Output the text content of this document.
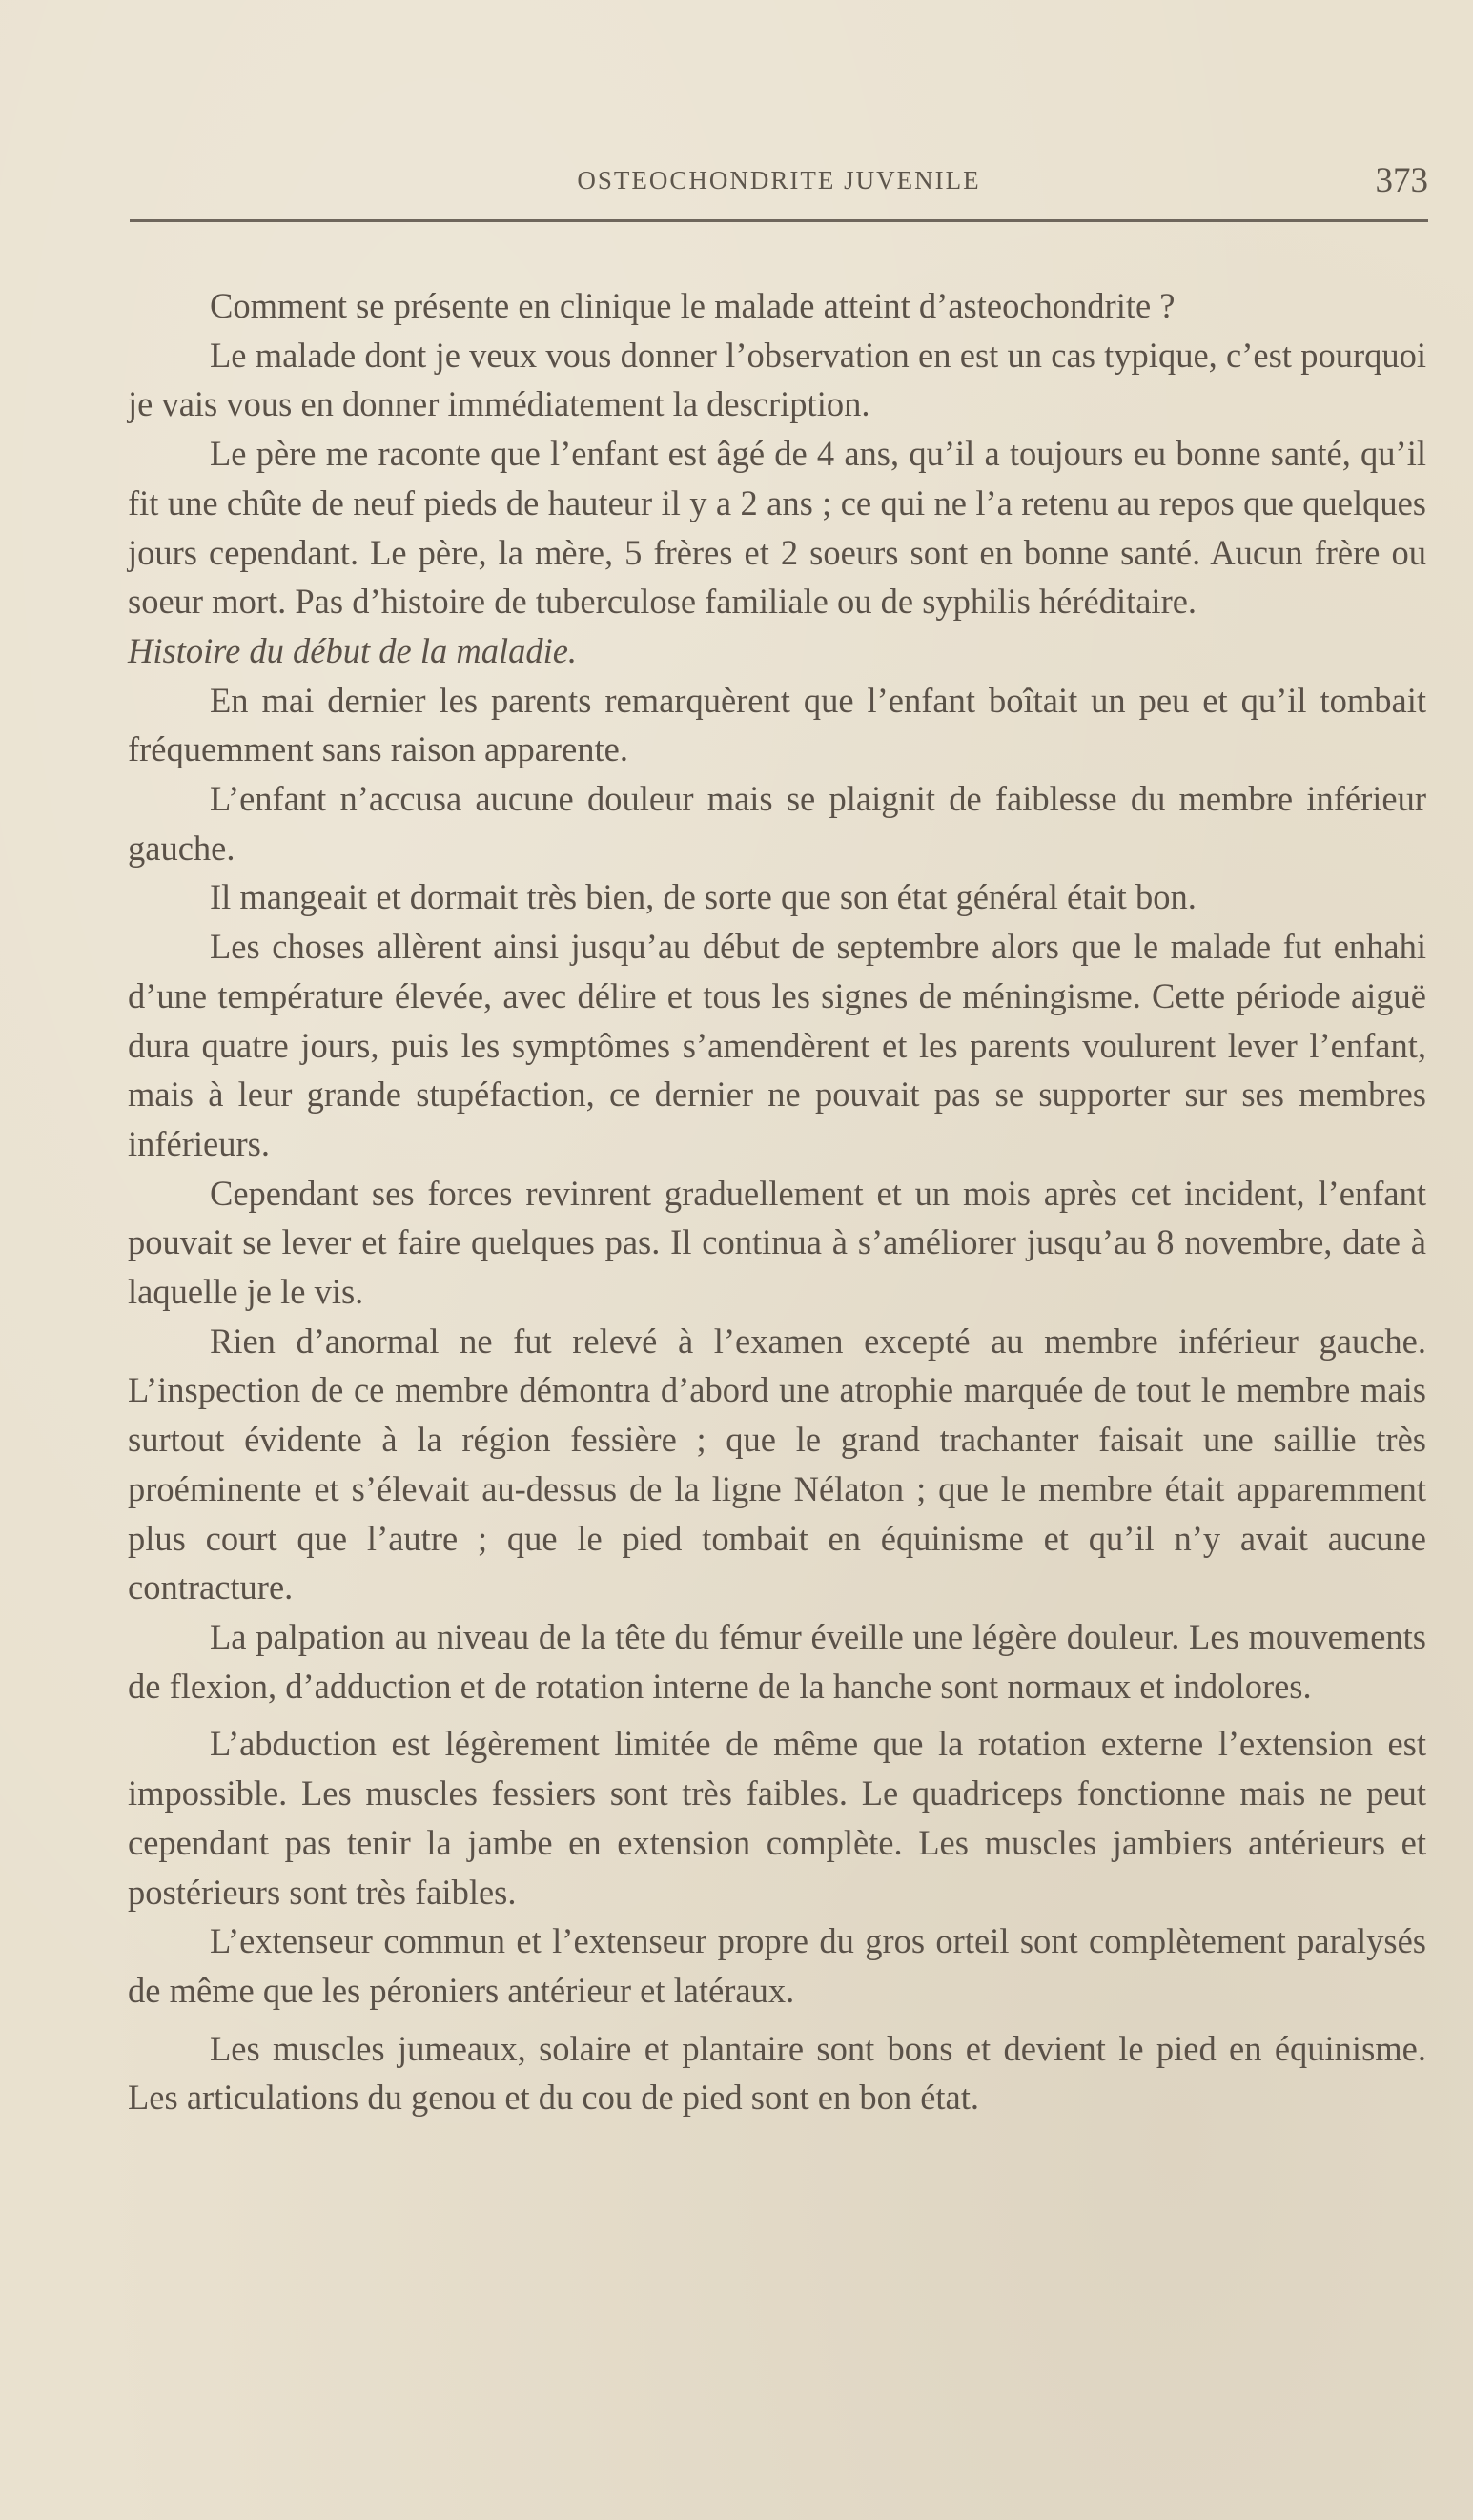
OSTEOCHONDRITE JUVENILE	373

Comment se présente en clinique le malade atteint d’asteochondrite ?

Le malade dont je veux vous donner l’observation en est un cas typique, c’est pourquoi je vais vous en donner immédiatement la description.

Le père me raconte que l’enfant est âgé de 4 ans, qu’il a toujours eu bonne santé, qu’il fit une chûte de neuf pieds de hauteur il y a 2 ans ; ce qui ne l’a retenu au repos que quelques jours cependant. Le père, la mère, 5 frères et 2 soeurs sont en bonne santé. Aucun frère ou soeur mort. Pas d’histoire de tuberculose familiale ou de syphilis héréditaire.

Histoire du début de la maladie.

En mai dernier les parents remarquèrent que l’enfant boîtait un peu et qu’il tombait fréquemment sans raison apparente.

L’enfant n’accusa aucune douleur mais se plaignit de faiblesse du membre inférieur gauche.

Il mangeait et dormait très bien, de sorte que son état général était bon.

Les choses allèrent ainsi jusqu’au début de septembre alors que le malade fut enhahi d’une température élevée, avec délire et tous les signes de méningisme. Cette période aiguë dura quatre jours, puis les symptômes s’amendèrent et les parents voulurent lever l’enfant, mais à leur grande stupéfaction, ce dernier ne pouvait pas se supporter sur ses membres inférieurs.

Cependant ses forces revinrent graduellement et un mois après cet incident, l’enfant pouvait se lever et faire quelques pas. Il continua à s’améliorer jusqu’au 8 novembre, date à laquelle je le vis.

Rien d’anormal ne fut relevé à l’examen excepté au membre inférieur gauche. L’inspection de ce membre démontra d’abord une atrophie marquée de tout le membre mais surtout évidente à la région fessière ; que le grand trachanter faisait une saillie très proéminente et s’élevait au-dessus de la ligne Nélaton ; que le membre était apparemment plus court que l’autre ; que le pied tombait en équinisme et qu’il n’y avait aucune contracture.

La palpation au niveau de la tête du fémur éveille une légère douleur. Les mouvements de flexion, d’adduction et de rotation interne de la hanche sont normaux et indolores.

L’abduction est légèrement limitée de même que la rotation externe l’extension est impossible. Les muscles fessiers sont très faibles. Le quadriceps fonctionne mais ne peut cependant pas tenir la jambe en extension complète. Les muscles jambiers antérieurs et postérieurs sont très faibles.

L’extenseur commun et l’extenseur propre du gros orteil sont complètement paralysés de même que les péroniers antérieur et latéraux.

Les muscles jumeaux, solaire et plantaire sont bons et devient le pied en équinisme. Les articulations du genou et du cou de pied sont en bon état.
